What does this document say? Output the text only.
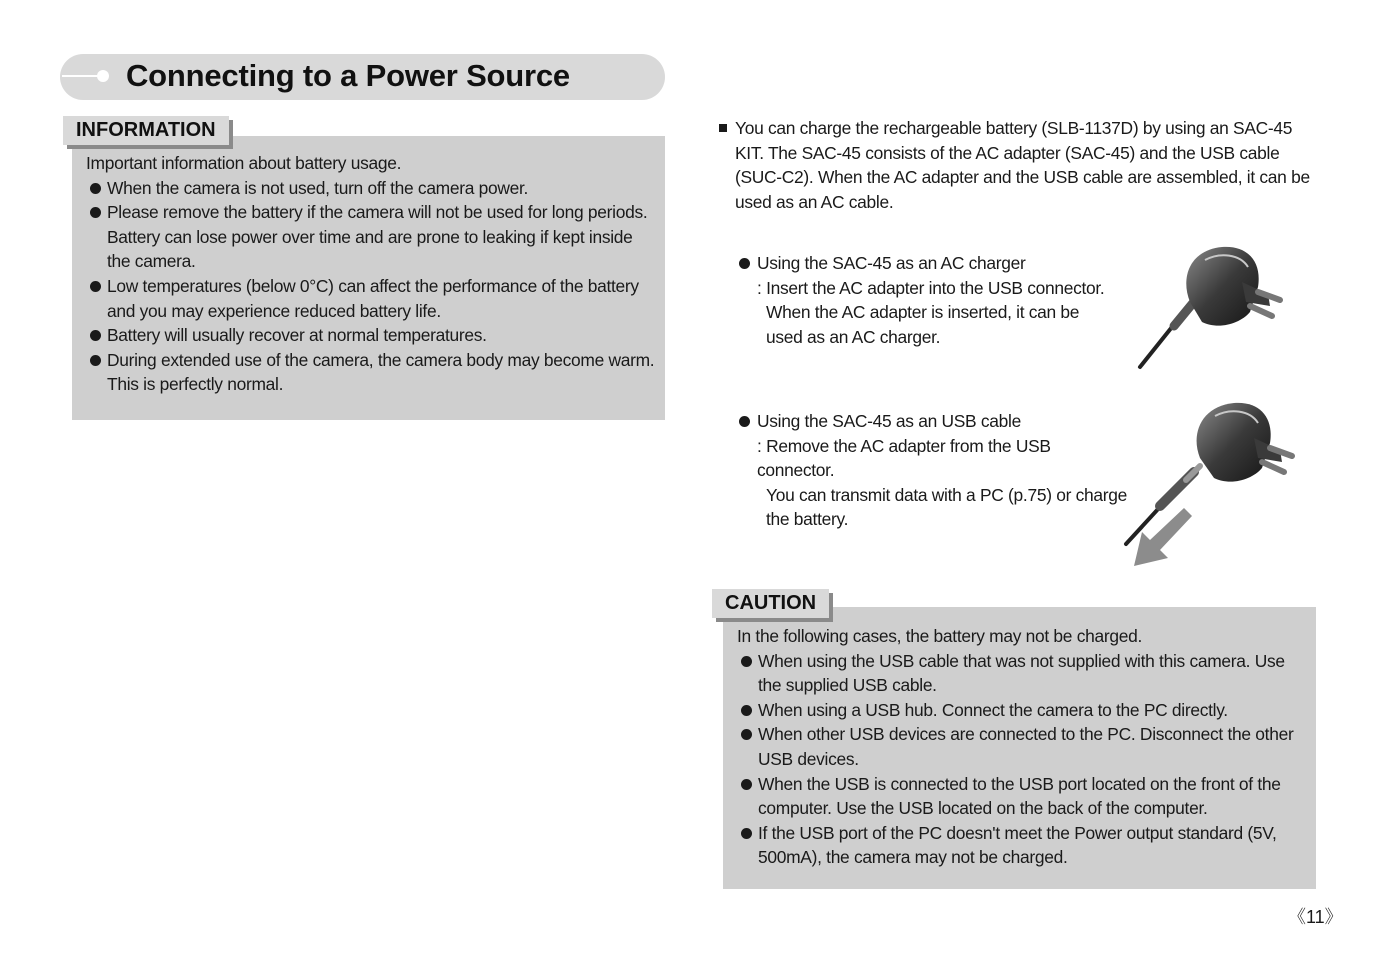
Connecting to a Power Source
INFORMATION
Important information about battery usage.
When the camera is not used, turn off the camera power.
Please remove the battery if the camera will not be used for long periods. Battery can lose power over time and are prone to leaking if kept inside the camera.
Low temperatures (below 0°C) can affect the performance of the battery and you may experience reduced battery life.
Battery will usually recover at normal temperatures.
During extended use of the camera, the camera body may become warm. This is perfectly normal.
You can charge the rechargeable battery (SLB-1137D) by using an SAC-45 KIT. The SAC-45 consists of the AC adapter (SAC-45) and the USB cable (SUC-C2). When the AC adapter and the USB cable are assembled, it can be used as an AC cable.
Using the SAC-45 as an AC charger
: Insert the AC adapter into the USB connector.
When the AC adapter is inserted, it can be used as an AC charger.
Using the SAC-45 as an USB cable
: Remove the AC adapter from the USB connector.
You can transmit data with a PC (p.75) or charge the battery.
CAUTION
In the following cases, the battery may not be charged.
When using the USB cable that was not supplied with this camera. Use the supplied USB cable.
When using a USB hub. Connect the camera to the PC directly.
When other USB devices are connected to the PC. Disconnect the other USB devices.
When the USB is connected to the USB port located on the front of the computer. Use the USB located on the back of the computer.
If the USB port of the PC doesn't meet the Power output standard (5V, 500mA), the camera may not be charged.
《11》
